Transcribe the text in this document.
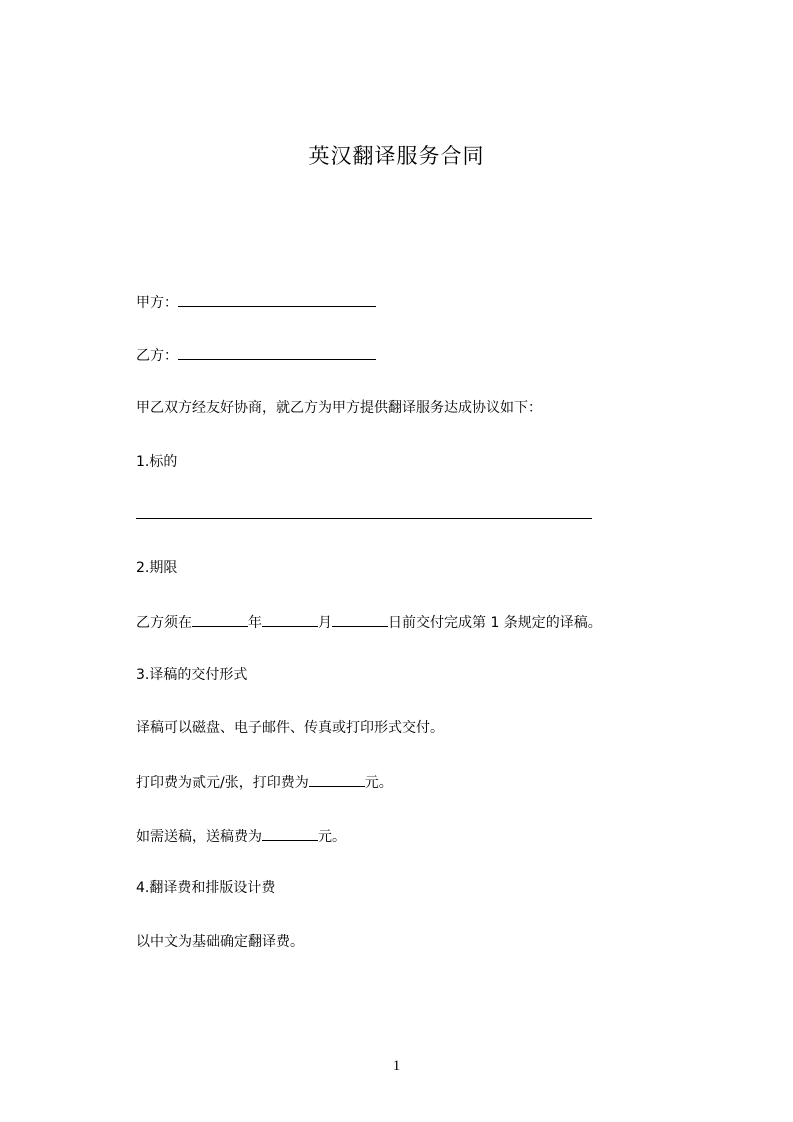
英汉翻译服务合同
甲方：
乙方：
甲乙双方经友好协商，就乙方为甲方提供翻译服务达成协议如下：
1.标的
2.期限
乙方须在	年	月	日前交付完成第 1 条规定的译稿。
3.译稿的交付形式
译稿可以磁盘、电子邮件、传真或打印形式交付。
打印费为贰元/张，打印费为	元。
如需送稿，送稿费为	元。
4.翻译费和排版设计费
以中文为基础确定翻译费。
1
